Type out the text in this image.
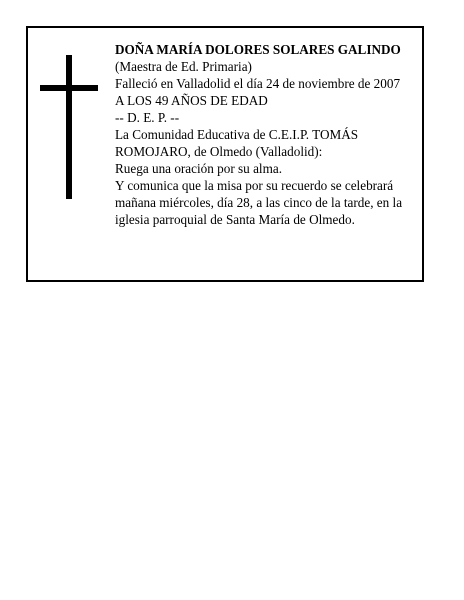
DOÑA MARÍA DOLORES SOLARES GALINDO
(Maestra de Ed. Primaria)
Falleció en Valladolid el día 24 de noviembre de 2007
A LOS 49 AÑOS DE EDAD
-- D. E. P. --
La Comunidad Educativa de C.E.I.P. TOMÁS
ROMOJARO, de Olmedo (Valladolid):
Ruega una oración por su alma.
Y comunica que la misa por su recuerdo se celebrará
mañana miércoles, día 28, a las cinco de la tarde, en la
iglesia parroquial de Santa María de Olmedo.
